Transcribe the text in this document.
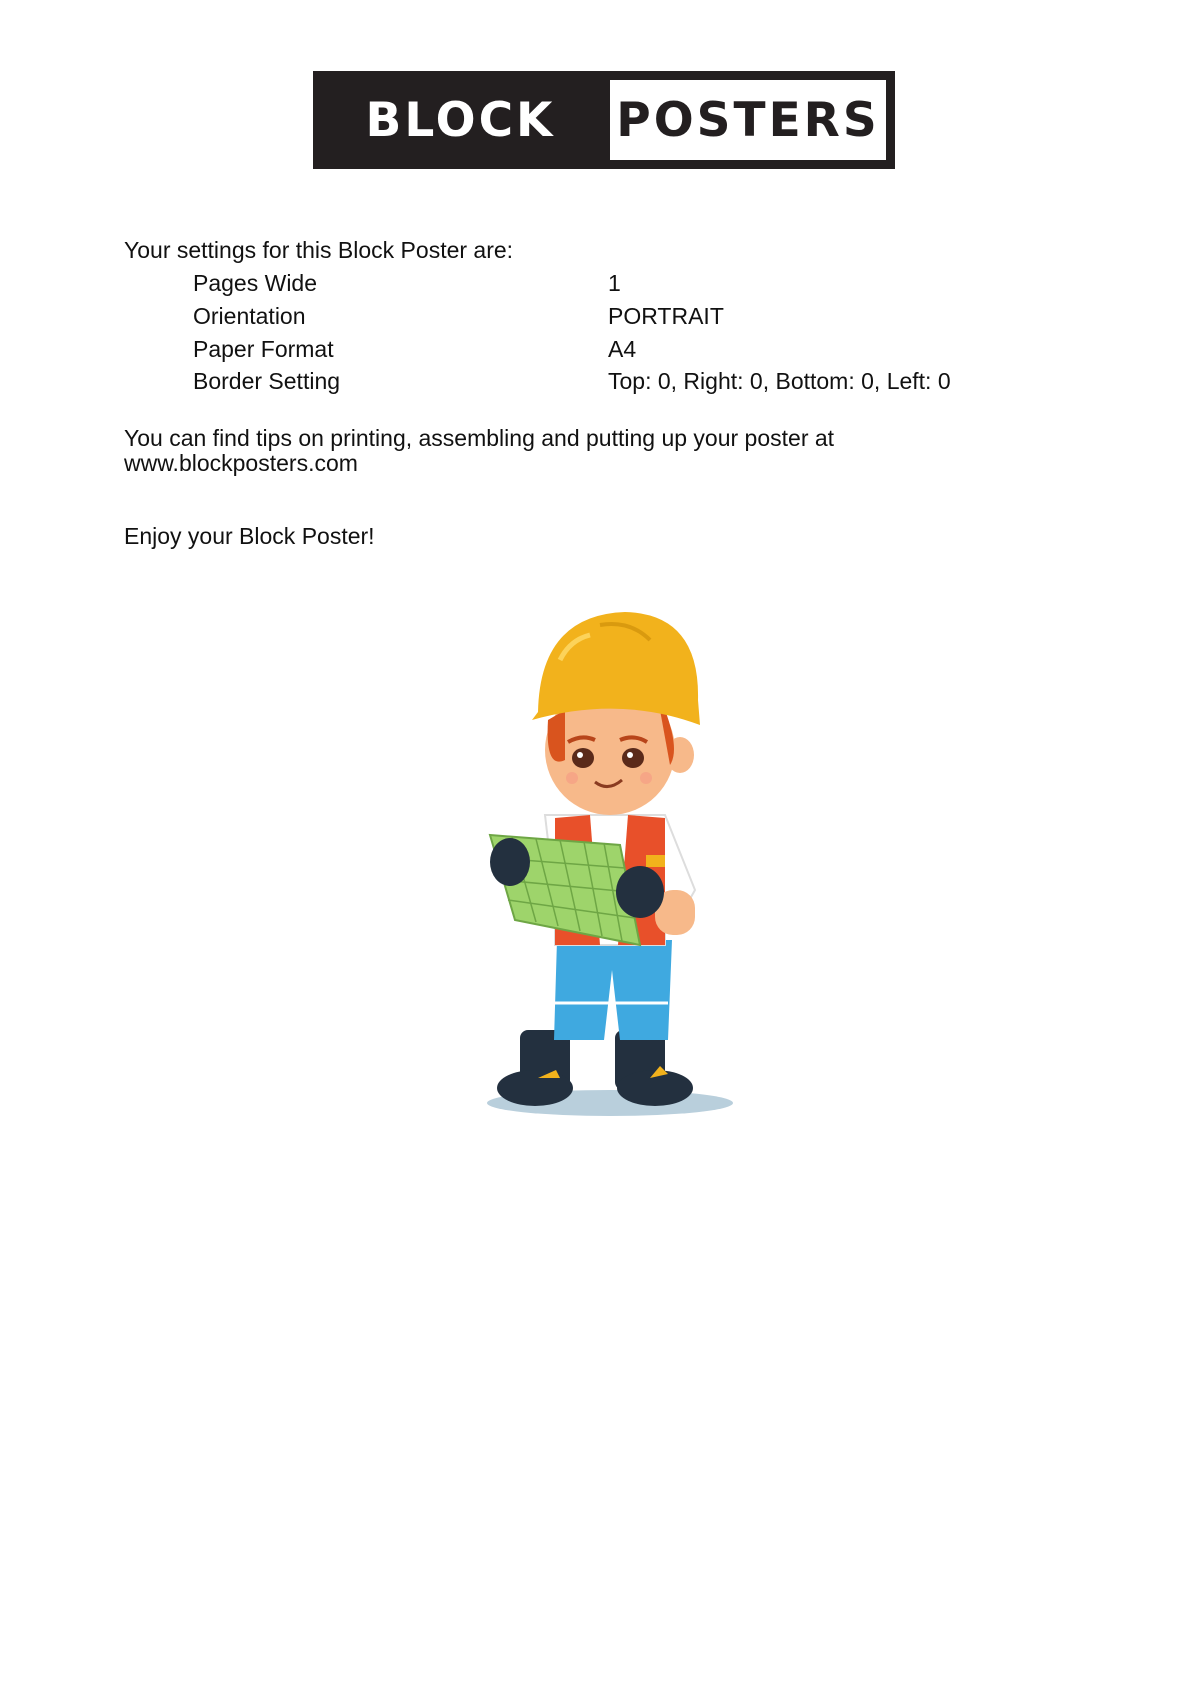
BLOCK	POSTERS
Your settings for this Block Poster are:
Pages Wide	1
Orientation	PORTRAIT
Paper Format	A4
Border Setting	Top: 0, Right: 0, Bottom: 0, Left: 0
You can find tips on printing, assembling and putting up your poster at
www.blockposters.com
Enjoy your Block Poster!
